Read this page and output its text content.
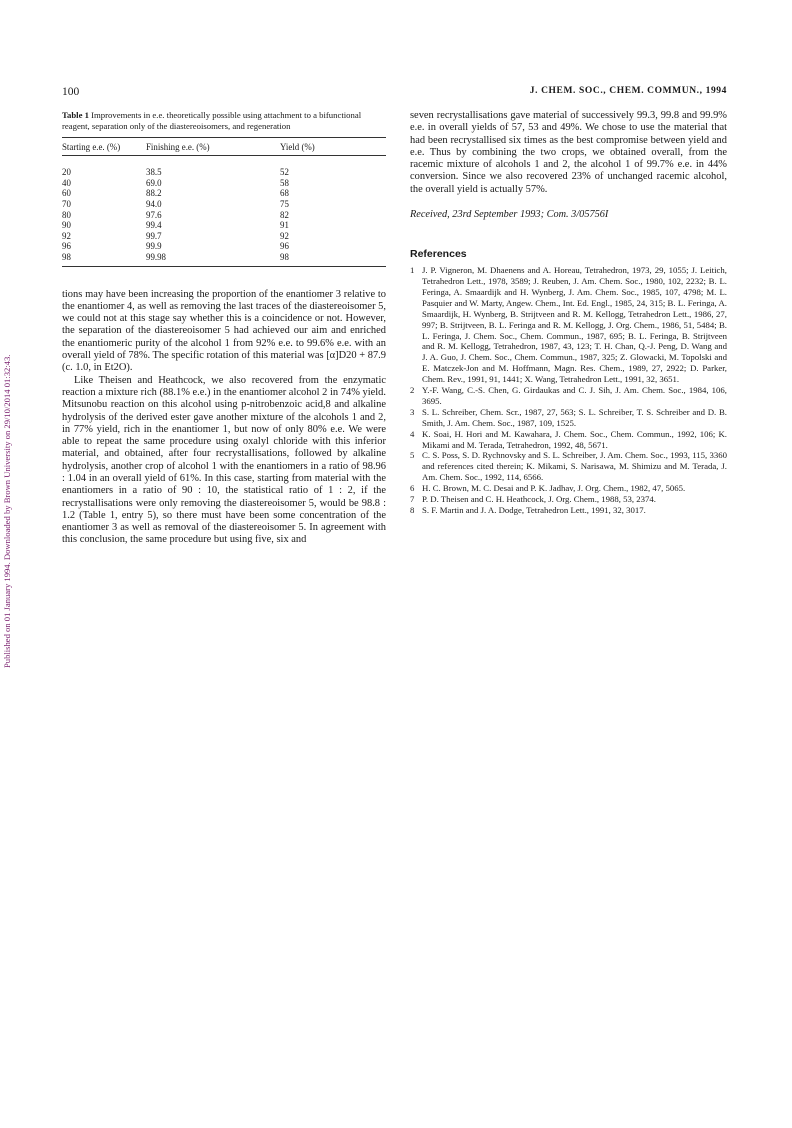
Published on 01 January 1994. Downloaded by Brown University on 29/10/2014 01:32:43.
100	J. CHEM. SOC., CHEM. COMMUN., 1994

Table 1 Improvements in e.e. theoretically possible using attachment to a bifunctional reagent, separation only of the diastereoisomers, and regeneration

Starting e.e. (%)	Finishing e.e. (%)	Yield (%)
20	38.5	52
40	69.0	58
60	88.2	68
70	94.0	75
80	97.6	82
90	99.4	91
92	99.7	92
96	99.9	96
98	99.98	98

tions may have been increasing the proportion of the enantiomer 3 relative to the enantiomer 4, as well as removing the last traces of the diastereoisomer 5, we could not at this stage say whether this is a coincidence or not. However, the separation of the diastereoisomer 5 had achieved our aim and enriched the enantiomeric purity of the alcohol 1 from 92% e.e. to 99.6% e.e. with an overall yield of 78%. The specific rotation of this material was [α]D20 + 87.9 (c. 1.0, in Et2O).

Like Theisen and Heathcock, we also recovered from the enzymatic reaction a mixture rich (88.1% e.e.) in the enantiomer alcohol 2 in 74% yield. Mitsunobu reaction on this alcohol using p-nitrobenzoic acid,8 and alkaline hydrolysis of the derived ester gave another mixture of the alcohols 1 and 2, in 77% yield, rich in the enantiomer 1, but now of only 80% e.e. We were able to repeat the same procedure using oxalyl chloride with this inferior material, and obtained, after four recrystallisations, followed by alkaline hydrolysis, another crop of alcohol 1 with the enantiomers in a ratio of 98.96 : 1.04 in an overall yield of 61%. In this case, starting from material with the enantiomers in a ratio of 90 : 10, the statistical ratio of 1 : 2, if the recrystallisations were only removing the diastereoisomer 5, would be 98.8 : 1.2 (Table 1, entry 5), so there must have been some concentration of the enantiomer 3 as well as removal of the diastereoisomer 5. In agreement with this conclusion, the same procedure but using five, six and

seven recrystallisations gave material of successively 99.3, 99.8 and 99.9% e.e. in overall yields of 57, 53 and 49%. We chose to use the material that had been recrystallised six times as the best compromise between yield and e.e. Thus by combining the two crops, we obtained overall, from the racemic mixture of alcohols 1 and 2, the alcohol 1 of 99.7% e.e. in 44% conversion. Since we also recovered 23% of unchanged racemic alcohol, the overall yield is actually 57%.

Received, 23rd September 1993; Com. 3/05756I

References
1 J. P. Vigneron, M. Dhaenens and A. Horeau, Tetrahedron, 1973, 29, 1055; J. Leitich, Tetrahedron Lett., 1978, 3589; J. Reuben, J. Am. Chem. Soc., 1980, 102, 2232; B. L. Feringa, A. Smaardijk and H. Wynberg, J. Am. Chem. Soc., 1985, 107, 4798; M. L. Pasquier and W. Marty, Angew. Chem., Int. Ed. Engl., 1985, 24, 315; B. L. Feringa, A. Smaardijk, H. Wynberg, B. Strijtveen and R. M. Kellogg, Tetrahedron Lett., 1986, 27, 997; B. Strijtveen, B. L. Feringa and R. M. Kellogg, J. Org. Chem., 1986, 51, 5484; B. L. Feringa, J. Chem. Soc., Chem. Commun., 1987, 695; B. L. Feringa, B. Strijtveen and R. M. Kellogg, Tetrahedron, 1987, 43, 123; T. H. Chan, Q.-J. Peng, D. Wang and J. A. Guo, J. Chem. Soc., Chem. Commun., 1987, 325; Z. Glowacki, M. Topolski and E. Matczek-Jon and M. Hoffmann, Magn. Res. Chem., 1989, 27, 2922; D. Parker, Chem. Rev., 1991, 91, 1441; X. Wang, Tetrahedron Lett., 1991, 32, 3651.
2 Y.-F. Wang, C.-S. Chen, G. Girdaukas and C. J. Sih, J. Am. Chem. Soc., 1984, 106, 3695.
3 S. L. Schreiber, Chem. Scr., 1987, 27, 563; S. L. Schreiber, T. S. Schreiber and D. B. Smith, J. Am. Chem. Soc., 1987, 109, 1525.
4 K. Soai, H. Hori and M. Kawahara, J. Chem. Soc., Chem. Commun., 1992, 106; K. Mikami and M. Terada, Tetrahedron, 1992, 48, 5671.
5 C. S. Poss, S. D. Rychnovsky and S. L. Schreiber, J. Am. Chem. Soc., 1993, 115, 3360 and references cited therein; K. Mikami, S. Narisawa, M. Shimizu and M. Terada, J. Am. Chem. Soc., 1992, 114, 6566.
6 H. C. Brown, M. C. Desai and P. K. Jadhav, J. Org. Chem., 1982, 47, 5065.
7 P. D. Theisen and C. H. Heathcock, J. Org. Chem., 1988, 53, 2374.
8 S. F. Martin and J. A. Dodge, Tetrahedron Lett., 1991, 32, 3017.
